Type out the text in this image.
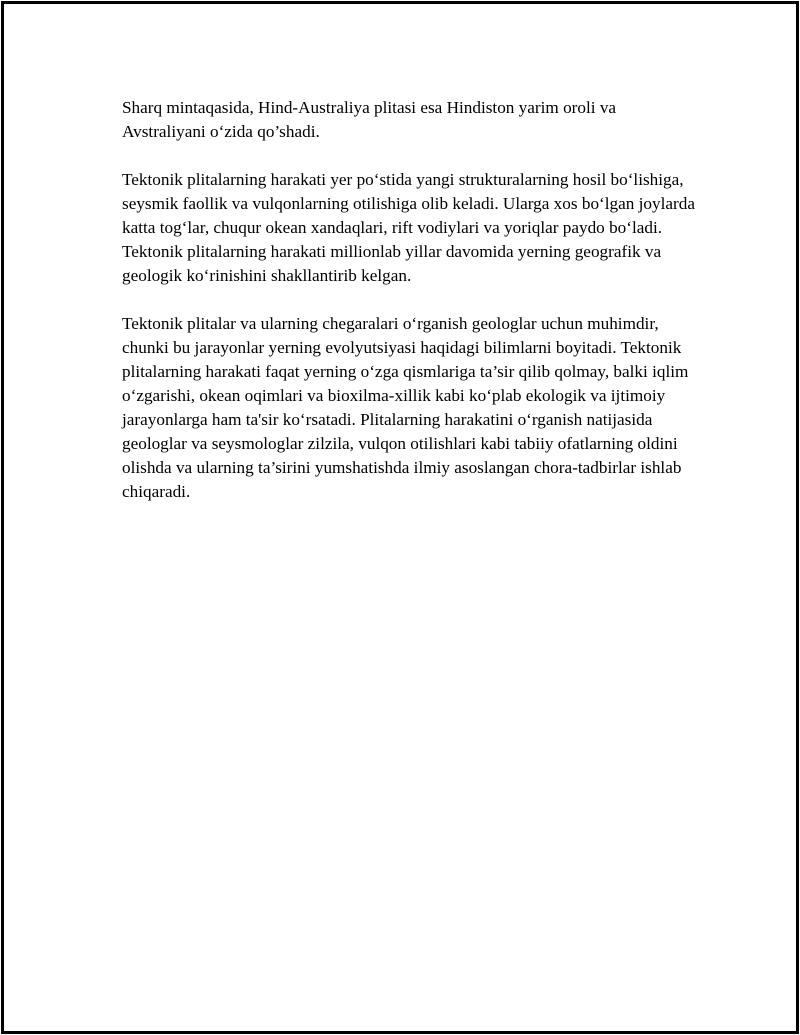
Sharq mintaqasida, Hind-Australiya plitasi esa Hindiston yarim oroli va Avstraliyani o‘zida qo’shadi.

Tektonik plitalarning harakati yer po‘stida yangi strukturalarning hosil bo‘lishiga, seysmik faollik va vulqonlarning otilishiga olib keladi. Ularga xos bo‘lgan joylarda katta tog‘lar, chuqur okean xandaqlari, rift vodiylari va yoriqlar paydo bo‘ladi. Tektonik plitalarning harakati millionlab yillar davomida yerning geografik va geologik ko‘rinishini shakllantirib kelgan.

Tektonik plitalar va ularning chegaralari o‘rganish geologlar uchun muhimdir, chunki bu jarayonlar yerning evolyutsiyasi haqidagi bilimlarni boyitadi. Tektonik plitalarning harakati faqat yerning o‘zga qismlariga ta’sir qilib qolmay, balki iqlim o‘zgarishi, okean oqimlari va bioxilma-xillik kabi ko‘plab ekologik va ijtimoiy jarayonlarga ham ta'sir ko‘rsatadi. Plitalarning harakatini o‘rganish natijasida geologlar va seysmologlar zilzila, vulqon otilishlari kabi tabiiy ofatlarning oldini olishda va ularning ta’sirini yumshatishda ilmiy asoslangan chora-tadbirlar ishlab chiqaradi.
